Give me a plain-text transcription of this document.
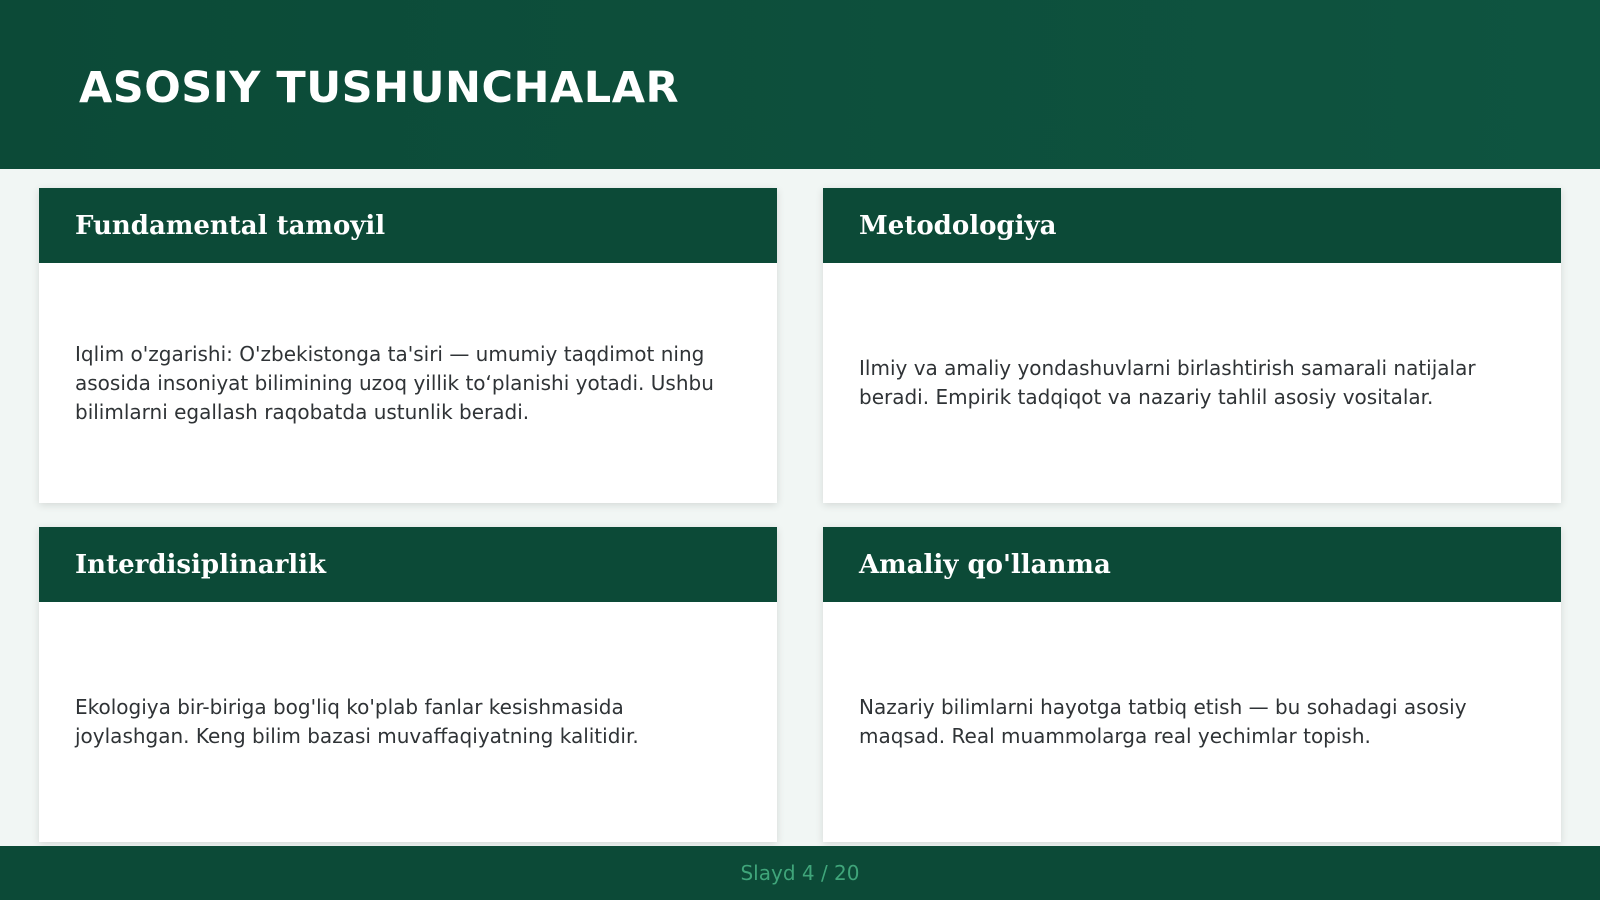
ASOSIY TUSHUNCHALAR
Fundamental tamoyil

Iqlim o'zgarishi: O'zbekistonga ta'siri — umumiy taqdimot ning asosida insoniyat bilimining uzoq yillik toʻplanishi yotadi. Ushbu bilimlarni egallash raqobatda ustunlik beradi.

Metodologiya

Ilmiy va amaliy yondashuvlarni birlashtirish samarali natijalar beradi. Empirik tadqiqot va nazariy tahlil asosiy vositalar.

Interdisiplinarlik

Ekologiya bir-biriga bog'liq ko'plab fanlar kesishmasida joylashgan. Keng bilim bazasi muvaffaqiyatning kalitidir.

Amaliy qo'llanma

Nazariy bilimlarni hayotga tatbiq etish — bu sohadagi asosiy maqsad. Real muammolarga real yechimlar topish.

Slayd 4 / 20
